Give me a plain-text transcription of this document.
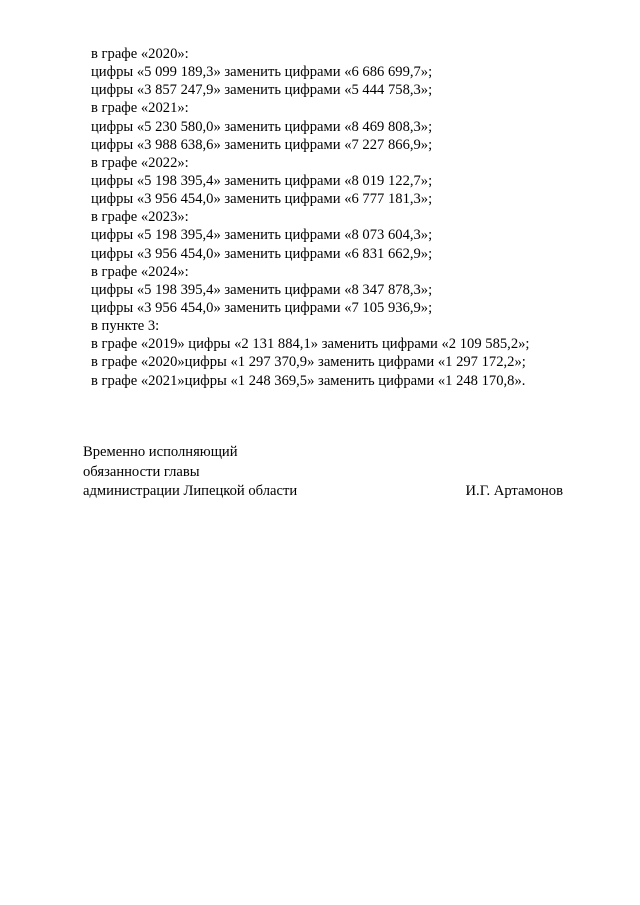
в графе «2020»:
цифры «5 099 189,3» заменить цифрами «6 686 699,7»;
цифры «3 857 247,9» заменить цифрами «5 444 758,3»;
в графе «2021»:
цифры «5 230 580,0» заменить цифрами «8 469 808,3»;
цифры «3 988 638,6» заменить цифрами «7 227 866,9»;
в графе «2022»:
цифры «5 198 395,4» заменить цифрами «8 019 122,7»;
цифры «3 956 454,0» заменить цифрами «6 777 181,3»;
в графе «2023»:
цифры «5 198 395,4» заменить цифрами «8 073 604,3»;
цифры «3 956 454,0» заменить цифрами «6 831 662,9»;
в графе «2024»:
цифры «5 198 395,4» заменить цифрами «8 347 878,3»;
цифры «3 956 454,0» заменить цифрами «7 105 936,9»;
в пункте 3:
в графе «2019» цифры «2 131 884,1» заменить цифрами «2 109 585,2»;
в графе «2020»цифры «1 297 370,9» заменить цифрами «1 297 172,2»;
в графе «2021»цифры «1 248 369,5» заменить цифрами «1 248 170,8».
Временно исполняющий
обязанности главы
администрации Липецкой области	И.Г. Артамонов
